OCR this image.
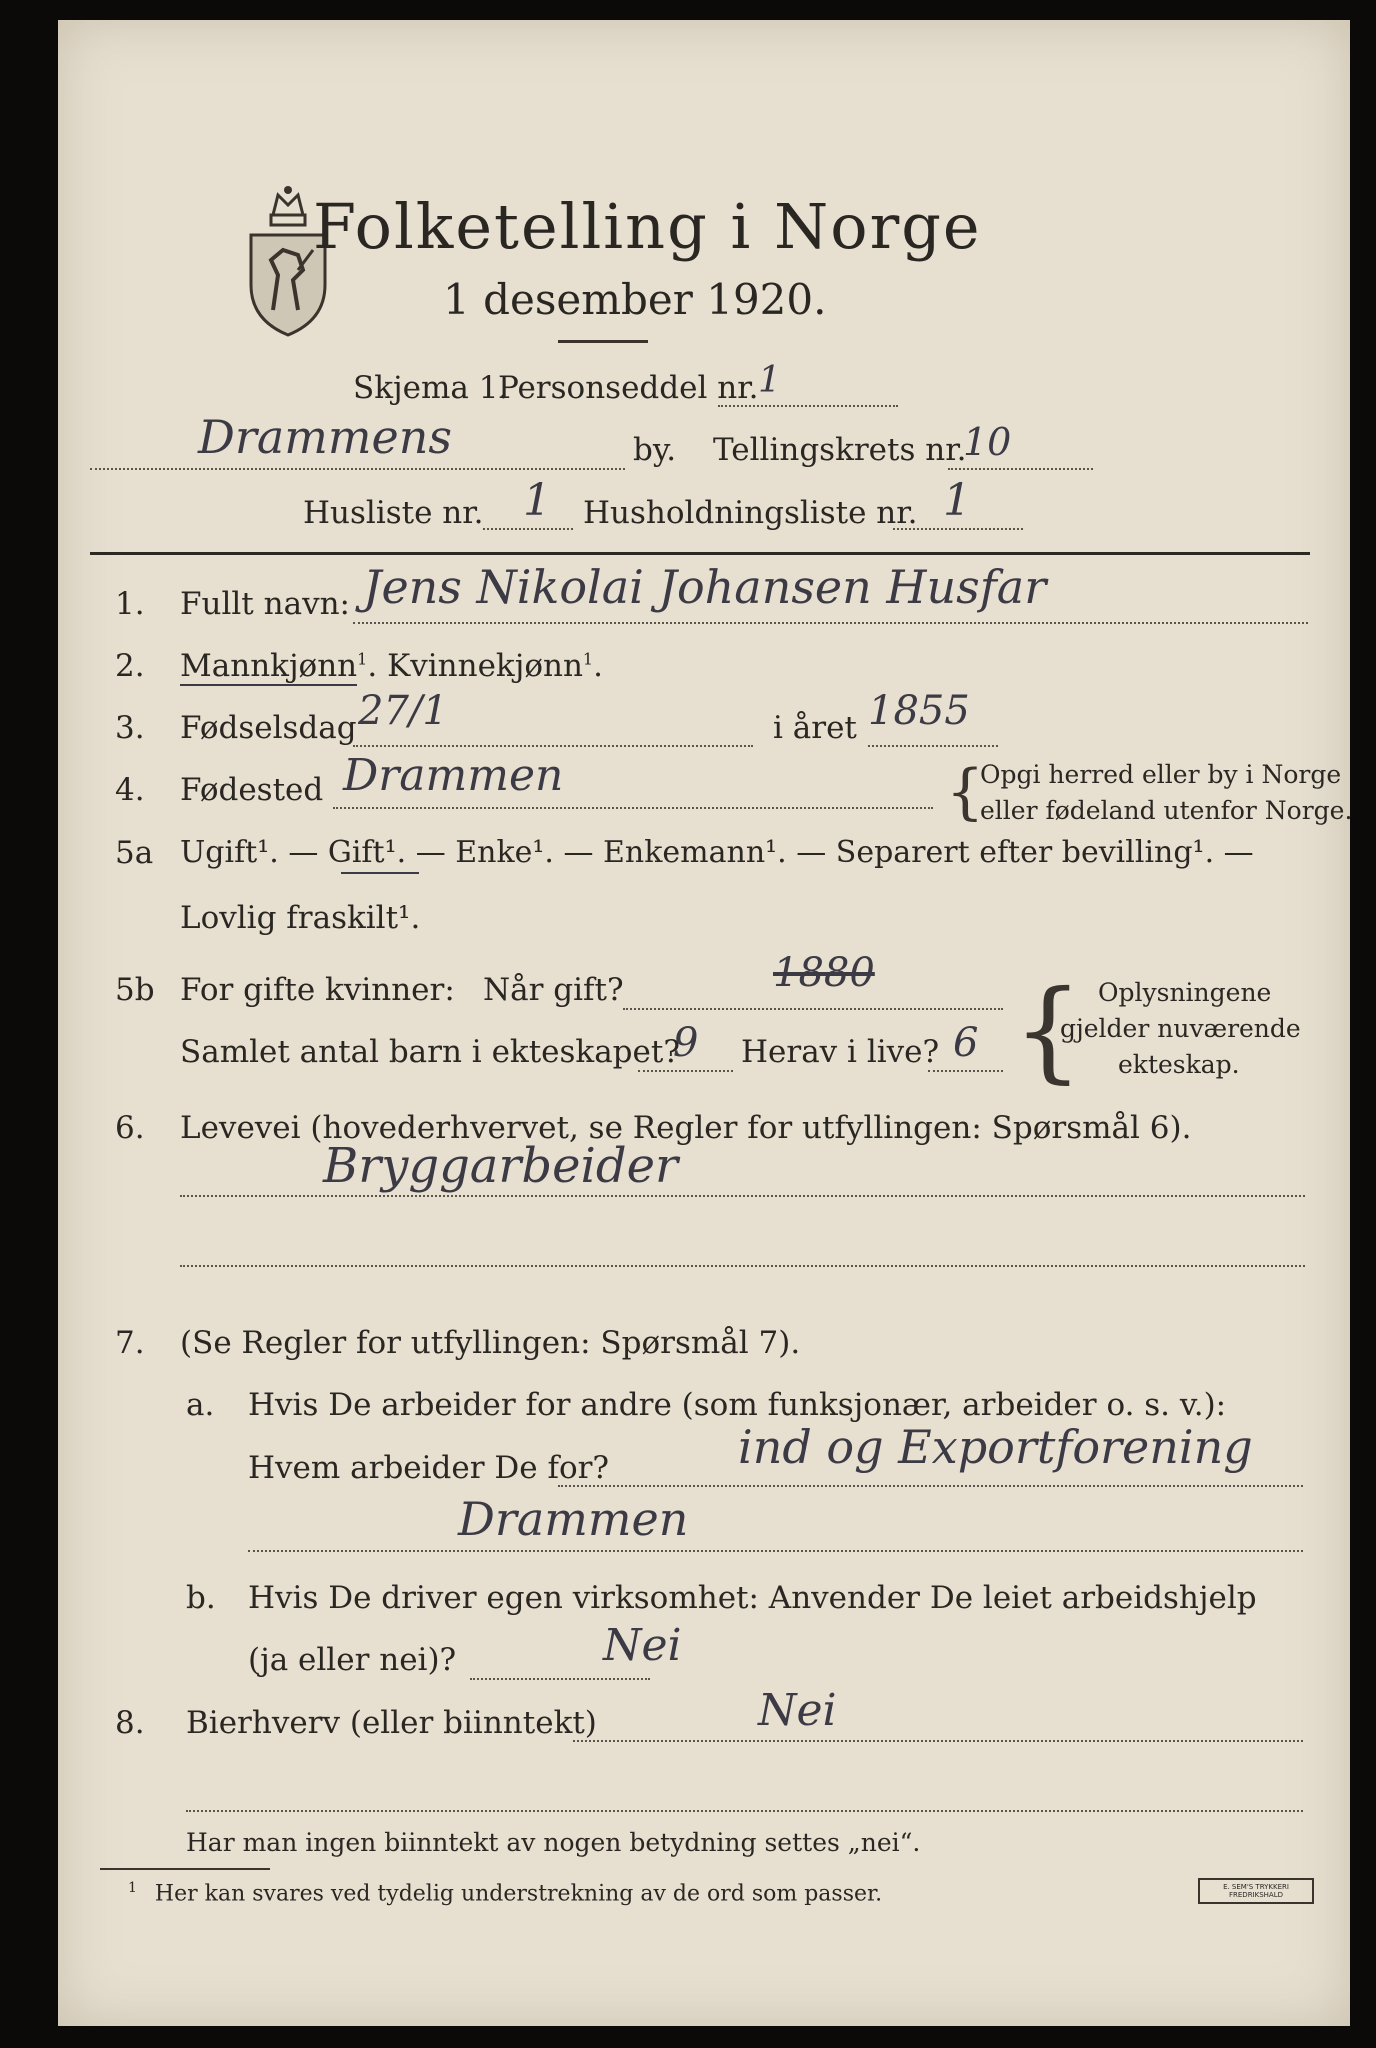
Folketelling i Norge
1 desember 1920.
Skjema 1.
Personseddel nr. 1
Drammens	by. Tellingskrets nr.
10
Husliste nr. 1 Husholdningsliste nr. 1
1. Fullt navn: Jens Nikolai Johansen Husfar
2. Mannkjønn$^1$. Kvinnekjønn$^1$.
3. Fødselsdag 27/1	i året 1855
4. Fødested Drammen	{
Opgi herred eller by i Norge
eller fødeland utenfor Norge.
5a Ugift¹. — Gift¹. — Enke¹. — Enkemann¹. — Separert efter bevilling¹. —
Lovlig fraskilt¹.
5b For gifte kvinner: Når gift?	1880
Samlet antal barn i ekteskapet?
9 Herav i live? 6 { Oplysningene
gjelder nuværende
ekteskap.
6. Levevei (hovederhvervet, se Regler for utfyllingen: Spørsmål 6).
Bryggarbeider
7. (Se Regler for utfyllingen: Spørsmål 7).
a. Hvis De arbeider for andre (som funksjonær, arbeider o. s. v.):
Hvem arbeider De for?	ind og Exportforening
Drammen
b. Hvis De driver egen virksomhet: Anvender De leiet arbeidshjelp
(ja eller nei)?	Nei
8. Bierhverv (eller biinntekt)	Nei
Har man ingen biinntekt av nogen betydning settes „nei“.
$^1$ Her kan svares ved tydelig understrekning av de ord som passer.	E. SEM'S TRYKKERI FREDRIKSHALD
